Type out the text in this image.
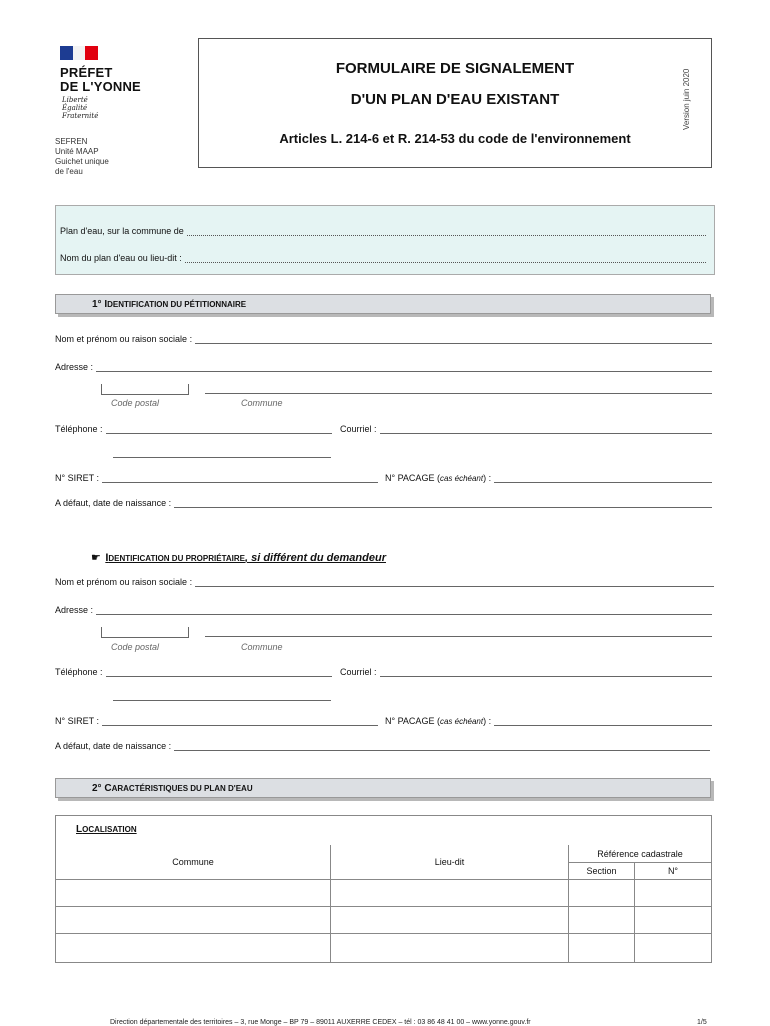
PRÉFET
DE L'YONNE
Liberté
Égalité
Fraternité
SEFREN
Unité MAAP
Guichet unique
de l'eau
FORMULAIRE DE SIGNALEMENT
D'UN PLAN D'EAU EXISTANT
Articles L. 214-6 et R. 214-53 du code de l'environnement
Version juin 2020
Plan d'eau, sur la commune de
Nom du plan d'eau ou lieu-dit :
1° IDENTIFICATION DU PÉTITIONNAIRE
Nom et prénom ou raison sociale :
Adresse :
Code postal	Commune
Téléphone :	Courriel :
N° SIRET :	N° PACAGE ( cas échéant ) :
A défaut, date de naissance :
☛ IDENTIFICATION DU PROPRIÉTAIRE, si différent du demandeur
Nom et prénom ou raison sociale :
Adresse :
Code postal	Commune
Téléphone :	Courriel :
N° SIRET :	N° PACAGE ( cas échéant ) :
A défaut, date de naissance :
2° CARACTÉRISTIQUES DU PLAN D'EAU
LOCALISATION
Commune	Lieu-dit
Référence cadastrale
Section	N°
Direction départementale des territoires – 3, rue Monge – BP 79 – 89011 AUXERRE CEDEX – tél : 03 86 48 41 00 – www.yonne.gouv.fr	1/5
